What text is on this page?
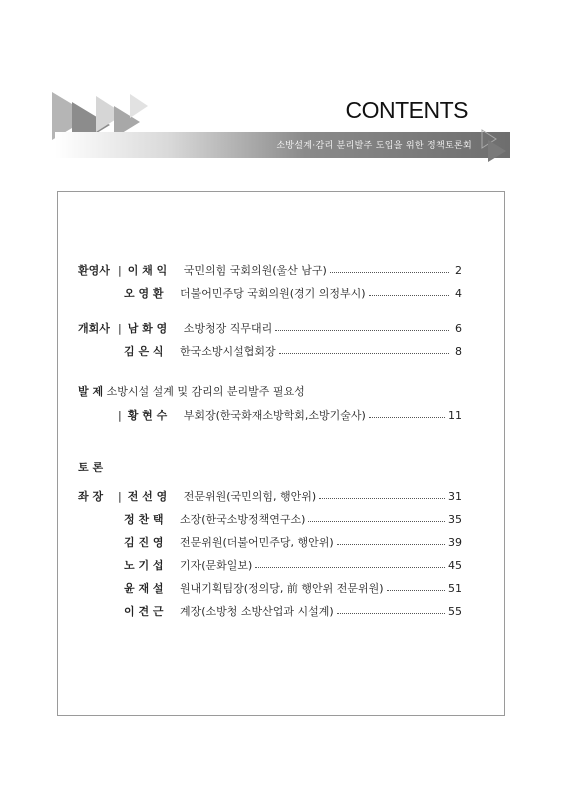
CONTENTS
소방설계·감리 분리발주 도입을 위한 정책토론회
환영사 | 이 채 익	국민의힘 국회의원(울산 남구)	2
오 영 환	더불어민주당 국회의원(경기 의정부시)	4
개회사 | 남 화 영	소방청장 직무대리	6
김 은 식	한국소방시설협회장	8
발 제 소방시설 설계 및 감리의 분리발주 필요성
| 황 현 수	부회장(한국화재소방학회,소방기술사)	11
토 론
좌 장	| 전 선 영	전문위원(국민의힘, 행안위)	31
정 찬 택	소장(한국소방정책연구소)	35
김 진 영	전문위원(더불어민주당, 행안위)	39
노 기 섭	기자(문화일보)	45
윤 재 설	원내기획팀장(정의당, 前 행안위 전문위원)	51
이 견 근	계장(소방청 소방산업과 시설계)	55
